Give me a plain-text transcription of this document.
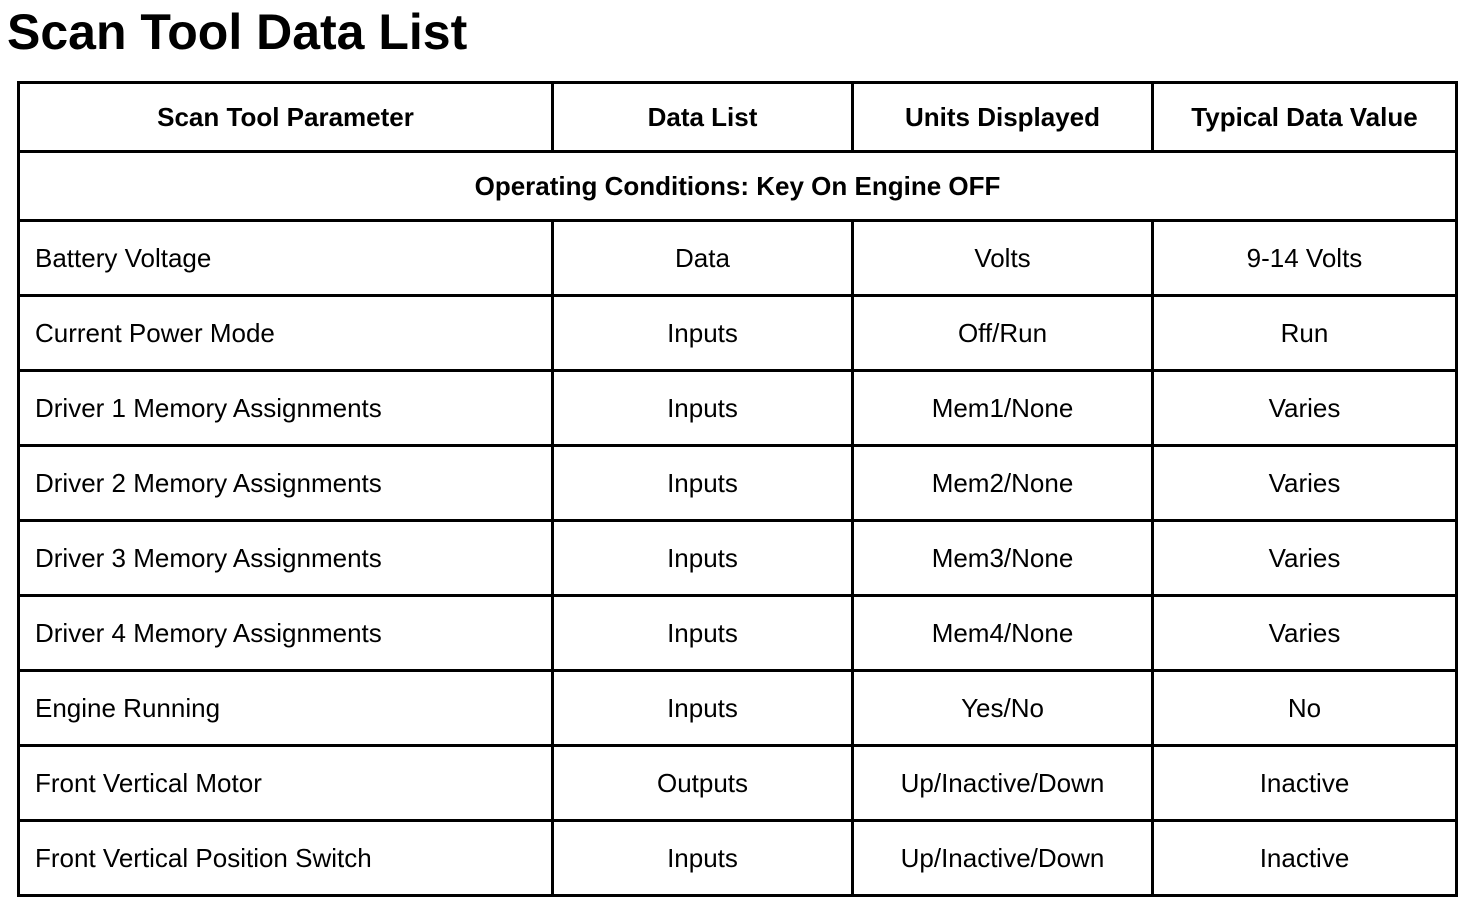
Scan Tool Data List
Scan Tool Parameter	Data List	Units Displayed	Typical Data Value
Operating Conditions: Key On Engine OFF			
Battery Voltage	Data	Volts	9-14 Volts
Current Power Mode	Inputs	Off/Run	Run
Driver 1 Memory Assignments	Inputs	Mem1/None	Varies
Driver 2 Memory Assignments	Inputs	Mem2/None	Varies
Driver 3 Memory Assignments	Inputs	Mem3/None	Varies
Driver 4 Memory Assignments	Inputs	Mem4/None	Varies
Engine Running	Inputs	Yes/No	No
Front Vertical Motor	Outputs	Up/Inactive/Down	Inactive
Front Vertical Position Switch	Inputs	Up/Inactive/Down	Inactive
